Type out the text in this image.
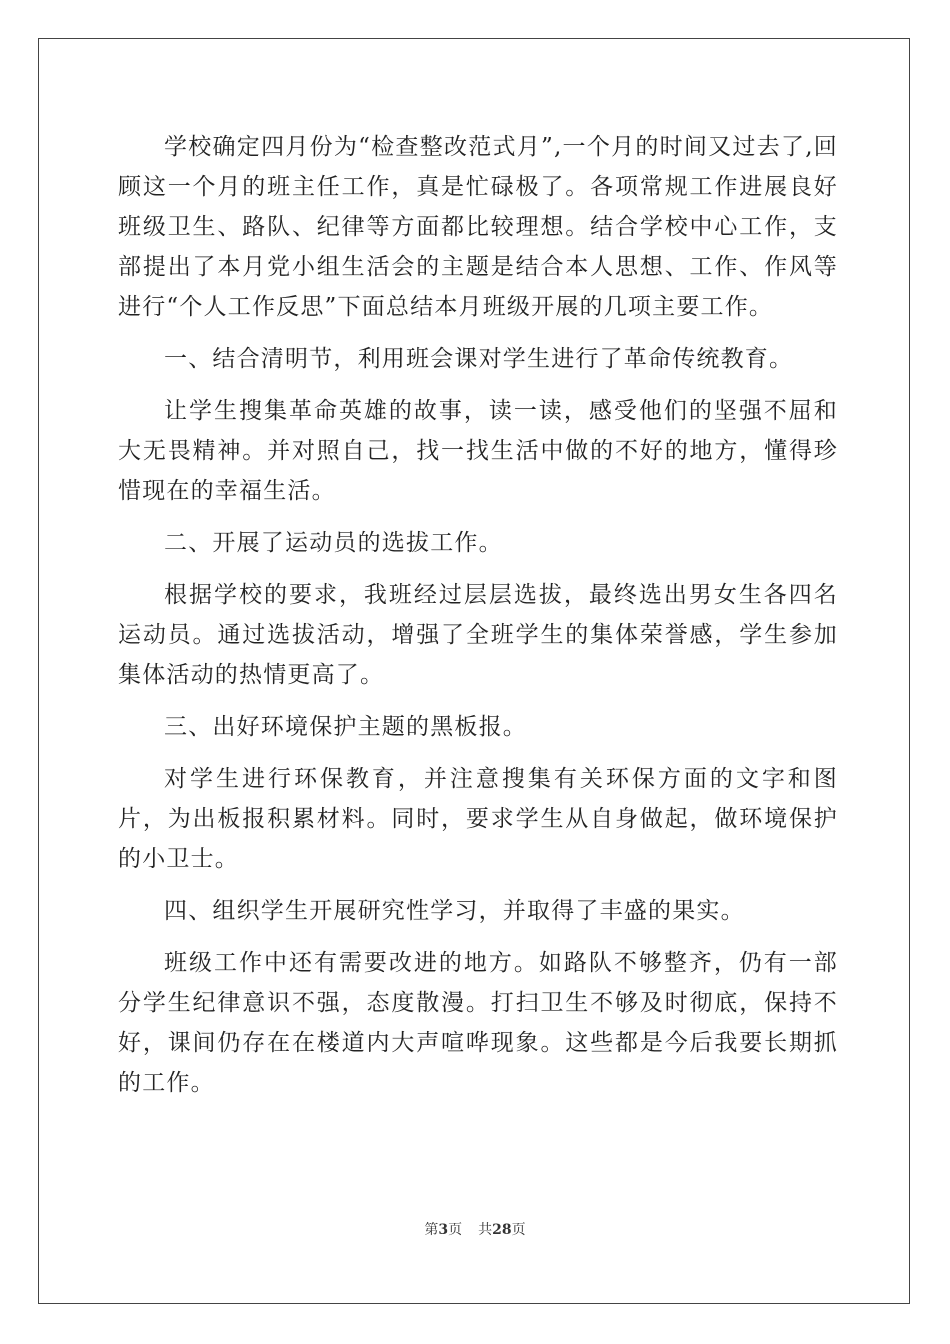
学校确定四月份为“检查整改范式月”,一个月的时间又过去了,回顾这一个月的班主任工作，真是忙碌极了。各项常规工作进展良好班级卫生、路队、纪律等方面都比较理想。结合学校中心工作，支部提出了本月党小组生活会的主题是结合本人思想、工作、作风等进行“个人工作反思”下面总结本月班级开展的几项主要工作。

一、结合清明节，利用班会课对学生进行了革命传统教育。

让学生搜集革命英雄的故事，读一读，感受他们的坚强不屈和大无畏精神。并对照自己，找一找生活中做的不好的地方，懂得珍惜现在的幸福生活。

二、开展了运动员的选拔工作。

根据学校的要求，我班经过层层选拔，最终选出男女生各四名运动员。通过选拔活动，增强了全班学生的集体荣誉感，学生参加集体活动的热情更高了。

三、出好环境保护主题的黑板报。

对学生进行环保教育，并注意搜集有关环保方面的文字和图片，为出板报积累材料。同时，要求学生从自身做起，做环境保护的小卫士。

四、组织学生开展研究性学习，并取得了丰盛的果实。

班级工作中还有需要改进的地方。如路队不够整齐，仍有一部分学生纪律意识不强，态度散漫。打扫卫生不够及时彻底，保持不好，课间仍存在在楼道内大声喧哗现象。这些都是今后我要长期抓的工作。

第3页 共28页
